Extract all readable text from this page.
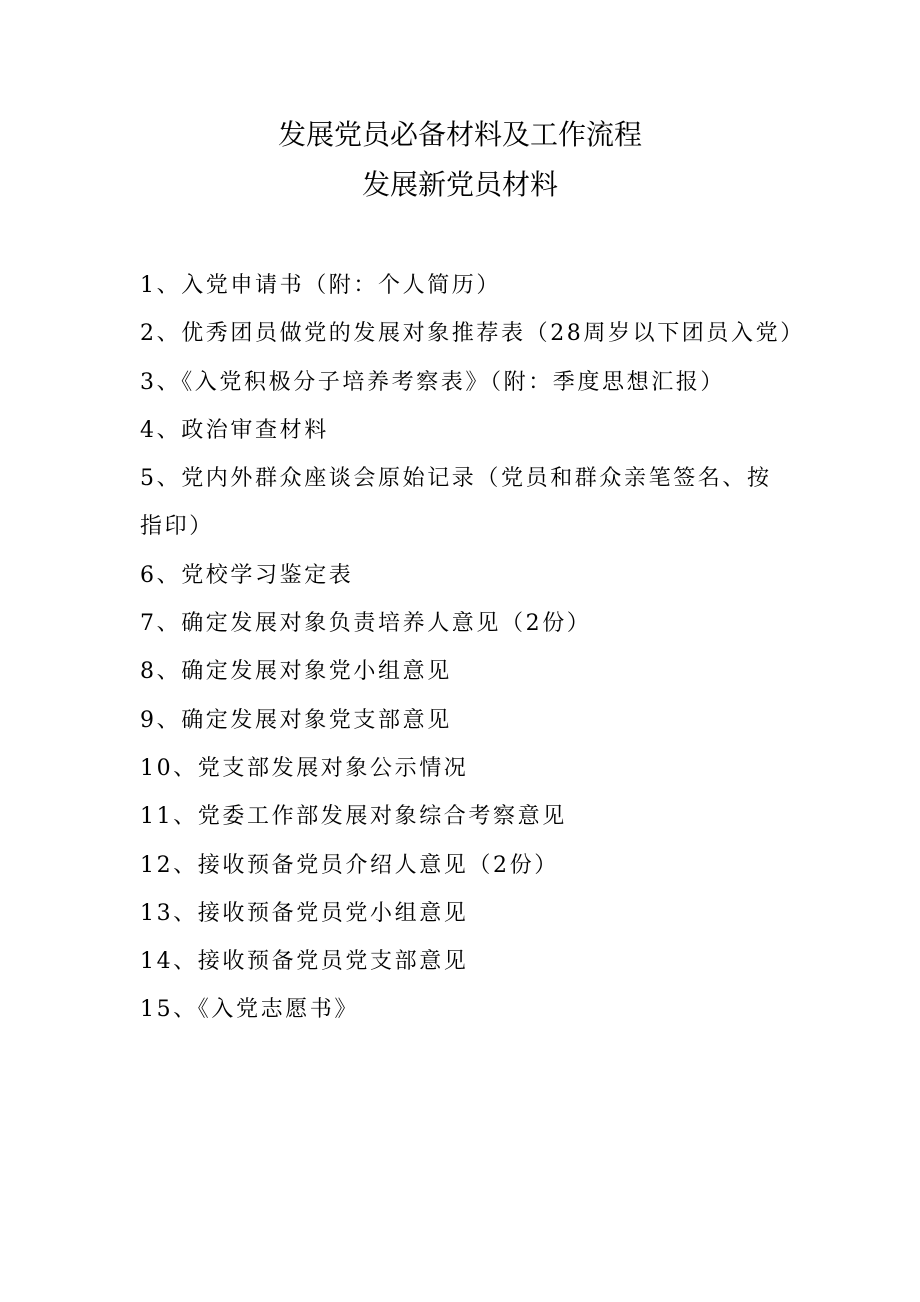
发展党员必备材料及工作流程
发展新党员材料
1、入党申请书（附：个人简历）
2、优秀团员做党的发展对象推荐表（28周岁以下团员入党）
3、《入党积极分子培养考察表》（附：季度思想汇报）
4、政治审查材料
5、党内外群众座谈会原始记录（党员和群众亲笔签名、按
指印）
6、党校学习鉴定表
7、确定发展对象负责培养人意见（2份）
8、确定发展对象党小组意见
9、确定发展对象党支部意见
10、党支部发展对象公示情况
11、党委工作部发展对象综合考察意见
12、接收预备党员介绍人意见（2份）
13、接收预备党员党小组意见
14、接收预备党员党支部意见
15、《入党志愿书》
